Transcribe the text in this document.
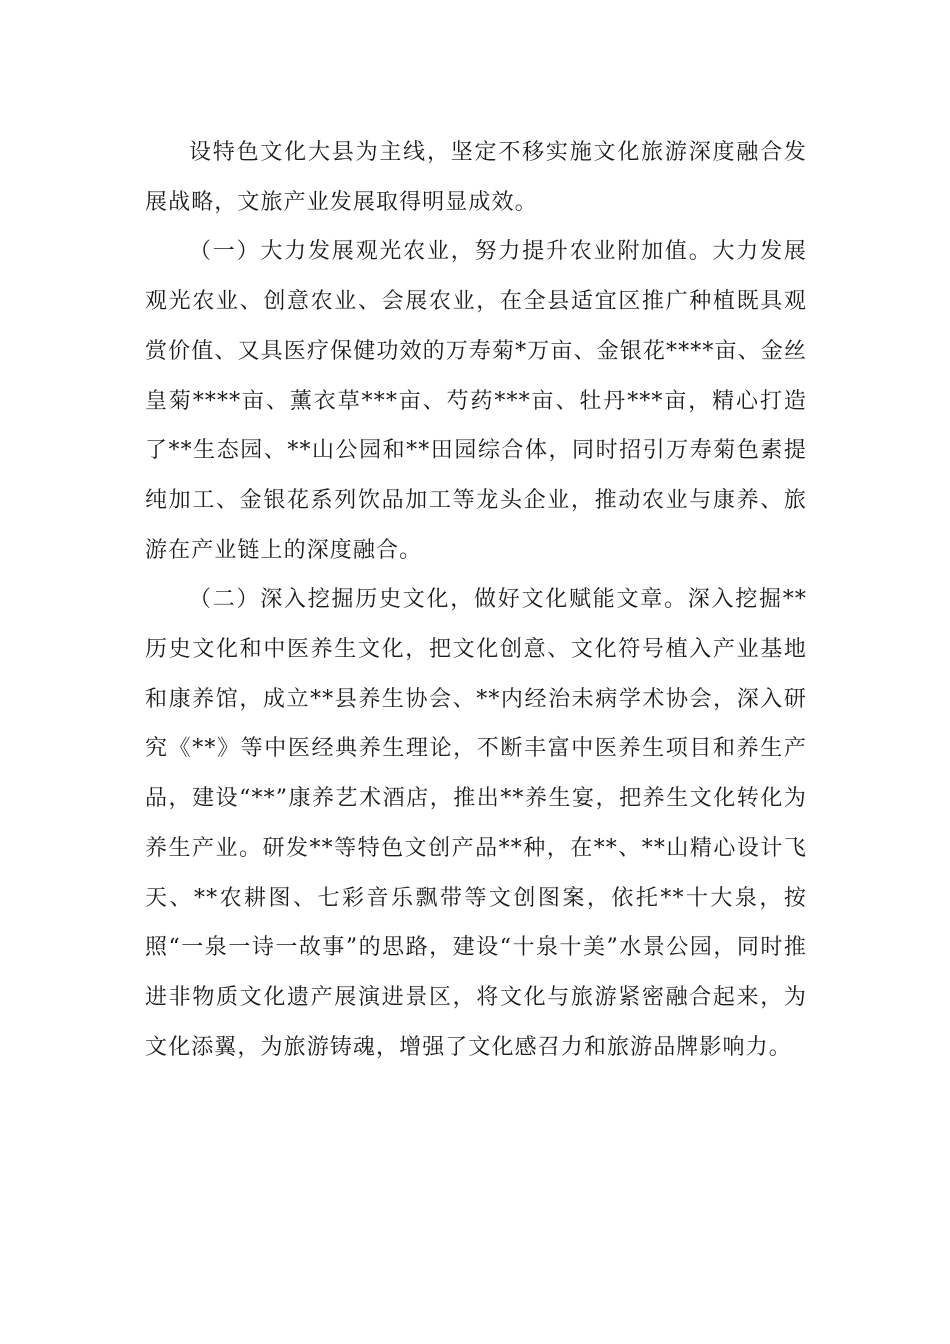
设特色文化大县为主线，坚定不移实施文化旅游深度融合发展战略，文旅产业发展取得明显成效。

（一）大力发展观光农业，努力提升农业附加值。大力发展观光农业、创意农业、会展农业，在全县适宜区推广种植既具观赏价值、又具医疗保健功效的万寿菊*万亩、金银花****亩、金丝皇菊****亩、薰衣草***亩、芍药***亩、牡丹***亩，精心打造了**生态园、**山公园和**田园综合体，同时招引万寿菊色素提纯加工、金银花系列饮品加工等龙头企业，推动农业与康养、旅游在产业链上的深度融合。

（二）深入挖掘历史文化，做好文化赋能文章。深入挖掘**历史文化和中医养生文化，把文化创意、文化符号植入产业基地和康养馆，成立**县养生协会、**内经治未病学术协会，深入研究《**》等中医经典养生理论，不断丰富中医养生项目和养生产品，建设“**”康养艺术酒店，推出**养生宴，把养生文化转化为养生产业。研发**等特色文创产品**种，在**、**山精心设计飞天、**农耕图、七彩音乐飘带等文创图案，依托**十大泉，按照“一泉一诗一故事”的思路，建设“十泉十美”水景公园，同时推进非物质文化遗产展演进景区，将文化与旅游紧密融合起来，为文化添翼，为旅游铸魂，增强了文化感召力和旅游品牌影响力。
